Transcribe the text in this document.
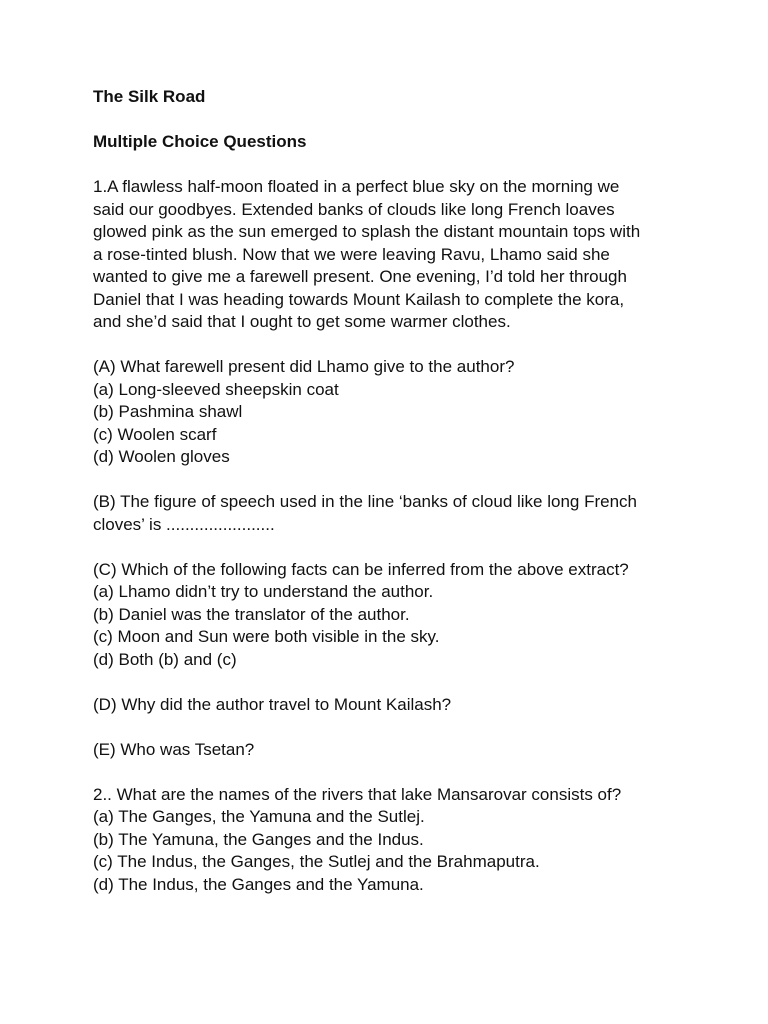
The Silk Road

Multiple Choice Questions

1.A flawless half-moon floated in a perfect blue sky on the morning we
said our goodbyes. Extended banks of clouds like long French loaves
glowed pink as the sun emerged to splash the distant mountain tops with
a rose-tinted blush. Now that we were leaving Ravu, Lhamo said she
wanted to give me a farewell present. One evening, I’d told her through
Daniel that I was heading towards Mount Kailash to complete the kora,
and she’d said that I ought to get some warmer clothes.
(A) What farewell present did Lhamo give to the author?
(a) Long-sleeved sheepskin coat
(b) Pashmina shawl
(c) Woolen scarf
(d) Woolen gloves
(B) The figure of speech used in the line ‘banks of cloud like long French
cloves’ is .......................
(C) Which of the following facts can be inferred from the above extract?
(a) Lhamo didn’t try to understand the author.
(b) Daniel was the translator of the author.
(c) Moon and Sun were both visible in the sky.
(d) Both (b) and (c)
(D) Why did the author travel to Mount Kailash?
(E) Who was Tsetan?
2.. What are the names of the rivers that lake Mansarovar consists of?
(a) The Ganges, the Yamuna and the Sutlej.
(b) The Yamuna, the Ganges and the Indus.
(c) The Indus, the Ganges, the Sutlej and the Brahmaputra.
(d) The Indus, the Ganges and the Yamuna.
